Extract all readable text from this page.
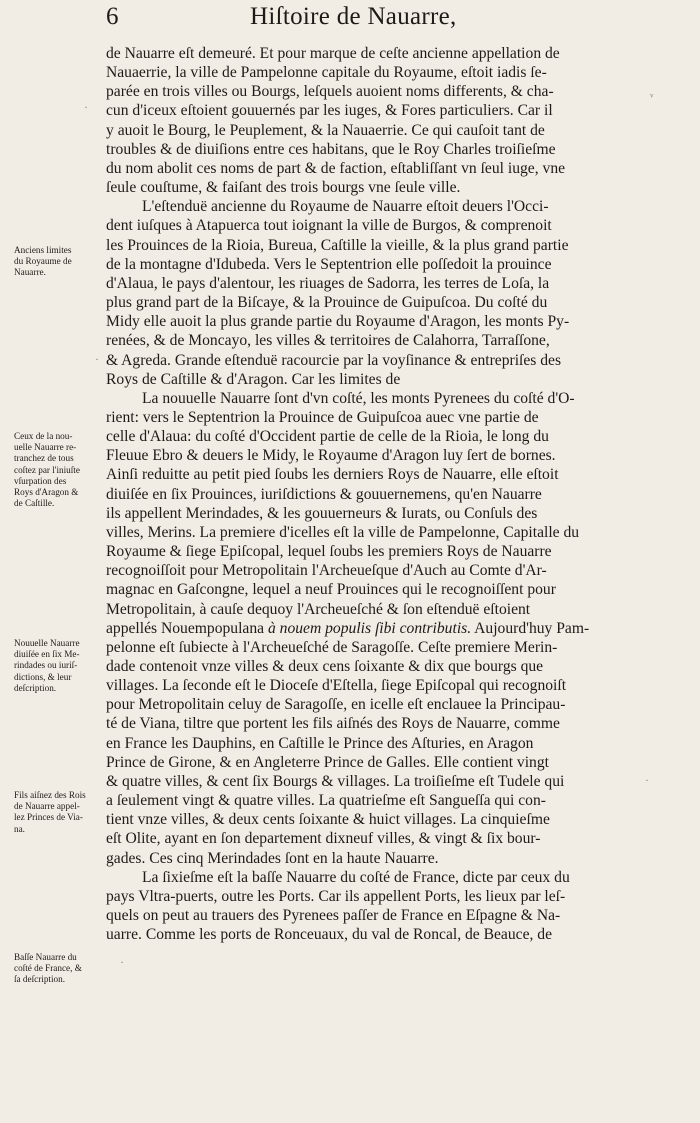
6	Hiſtoire de Nauarre,
de Nauarre eſt demeuré. Et pour marque de ceſte ancienne appellation de
Nauaerrie, la ville de Pampelonne capitale du Royaume, eſtoit iadis ſe-
parée en trois villes ou Bourgs, leſquels auoient noms differents, & cha-
cun d'iceux eſtoient gouuernés par les iuges, & Fores particuliers. Car il
y auoit le Bourg, le Peuplement, & la Nauaerrie. Ce qui cauſoit tant de
troubles & de diuiſions entre ces habitans, que le Roy Charles troiſieſme
du nom abolit ces noms de part & de faction, eſtabliſſant vn ſeul iuge, vne
ſeule couſtume, & faiſant des trois bourgs vne ſeule ville.
L'eſtenduë ancienne du Royaume de Nauarre eſtoit deuers l'Occi-
dent iuſques à Atapuerca tout ioignant la ville de Burgos, & comprenoit
les Prouinces de la Rioia, Bureua, Caſtille la vieille, & la plus grand partie
de la montagne d'Idubeda. Vers le Septentrion elle poſſedoit la prouince
d'Alaua, le pays d'alentour, les riuages de Sadorra, les terres de Loſa, la
plus grand part de la Biſcaye, & la Prouince de Guipuſcoa. Du coſté du
Midy elle auoit la plus grande partie du Royaume d'Aragon, les monts Py-
renées, & de Moncayo, les villes & territoires de Calahorra, Tarraſſone,
& Agreda. Grande eſtenduë racourcie par la voyſinance & entrepriſes des
Roys de Caſtille & d'Aragon. Car les limites de
La nouuelle Nauarre ſont d'vn coſté, les monts Pyrenees du coſté d'O-
rient: vers le Septentrion la Prouince de Guipuſcoa auec vne partie de
celle d'Alaua: du coſté d'Occident partie de celle de la Rioia, le long du
Fleuue Ebro & deuers le Midy, le Royaume d'Aragon luy ſert de bornes.
Ainſi reduitte au petit pied ſoubs les derniers Roys de Nauarre, elle eſtoit
diuiſée en ſix Prouinces, iuriſdictions & gouuernemens, qu'en Nauarre
ils appellent Merindades, & les gouuerneurs & Iurats, ou Conſuls des
villes, Merins. La premiere d'icelles eſt la ville de Pampelonne, Capitalle du
Royaume & ſiege Epiſcopal, lequel ſoubs les premiers Roys de Nauarre
recognoiſſoit pour Metropolitain l'Archeueſque d'Auch au Comte d'Ar-
magnac en Gaſcongne, lequel a neuf Prouinces qui le recognoiſſent pour
Metropolitain, à cauſe dequoy l'Archeueſché & ſon eſtenduë eſtoient
appellés Nouempopulana à nouem populis ſibi contributis. Aujourd'huy Pam-
pelonne eſt ſubiecte à l'Archeueſché de Saragoſſe. Ceſte premiere Merin-
dade contenoit vnze villes & deux cens ſoixante & dix que bourgs que
villages. La ſeconde eſt le Dioceſe d'Eſtella, ſiege Epiſcopal qui recognoiſt
pour Metropolitain celuy de Saragoſſe, en icelle eſt enclauee la Principau-
té de Viana, tiltre que portent les fils aiſnés des Roys de Nauarre, comme
en France les Dauphins, en Caſtille le Prince des Aſturies, en Aragon
Prince de Girone, & en Angleterre Prince de Galles. Elle contient vingt
& quatre villes, & cent ſix Bourgs & villages. La troiſieſme eſt Tudele qui
a ſeulement vingt & quatre villes. La quatrieſme eſt Sangueſſa qui con-
tient vnze villes, & deux cents ſoixante & huict villages. La cinquieſme
eſt Olite, ayant en ſon departement dixneuf villes, & vingt & ſix bour-
gades. Ces cinq Merindades ſont en la haute Nauarre.
La ſixieſme eſt la baſſe Nauarre du coſté de France, dicte par ceux du
pays Vltra-puerts, outre les Ports. Car ils appellent Ports, les lieux par leſ-
quels on peut au trauers des Pyrenees paſſer de France en Eſpagne & Na-
uarre. Comme les ports de Ronceuaux, du val de Roncal, de Beauce, de
Anciens limites
du Royaume de
Nauarre.
Ceux de la nou-
uelle Nauarre re-
tranchez de tous
coſtez par l'iniuſte
vſurpation des
Roys d'Aragon &
de Caſtille.
Nouuelle Nauarre
diuiſée en ſix Me-
rindades ou iuriſ-
dictions, & leur
deſcription.
Fils aiſnez des Rois
de Nauarre appel-
lez Princes de Via-
na.
Baſſe Nauarre du
coſté de France, &
ſa deſcription.
·
ᵛ
·
·
·
